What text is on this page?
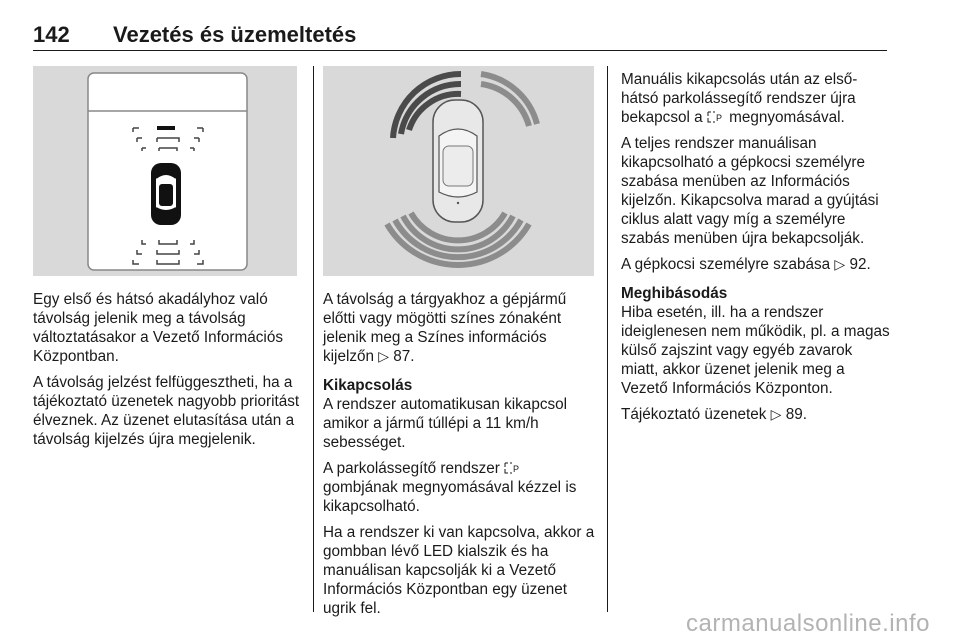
142 Vezetés és üzemeltetés

Egy első és hátsó akadályhoz való távolság jelenik meg a távolság változtatásakor a Vezető Információs Központban.

A távolság jelzést felfüggesztheti, ha a tájékoztató üzenetek nagyobb prioritást élveznek. Az üzenet elutasítása után a távolság kijelzés újra megjelenik.

A távolság a tárgyakhoz a gépjármű előtti vagy mögötti színes zónaként jelenik meg a Színes információs kijelzőn ▷ 87.

Kikapcsolás

A rendszer automatikusan kikapcsol amikor a jármű túllépi a 11 km/h sebességet.

A parkolássegítő rendszer P
gombjának megnyomásával kézzel is kikapcsolható.

Ha a rendszer ki van kapcsolva, akkor a gombban lévő LED kialszik és ha manuálisan kapcsolják ki a Vezető Információs Központban egy üzenet ugrik fel.

Manuális kikapcsolás után az első-hátsó parkolássegítő rendszer újra bekapcsol a P megnyomásával.

A teljes rendszer manuálisan kikapcsolható a gépkocsi személyre szabása menüben az Információs kijelzőn. Kikapcsolva marad a gyújtási ciklus alatt vagy míg a személyre szabás menüben újra bekapcsolják.

A gépkocsi személyre szabása ▷ 92.

Meghibásodás

Hiba esetén, ill. ha a rendszer ideiglenesen nem működik, pl. a magas külső zajszint vagy egyéb zavarok miatt, akkor üzenet jelenik meg a Vezető Információs Központon.

Tájékoztató üzenetek ▷ 89.

carmanualsonline.info
